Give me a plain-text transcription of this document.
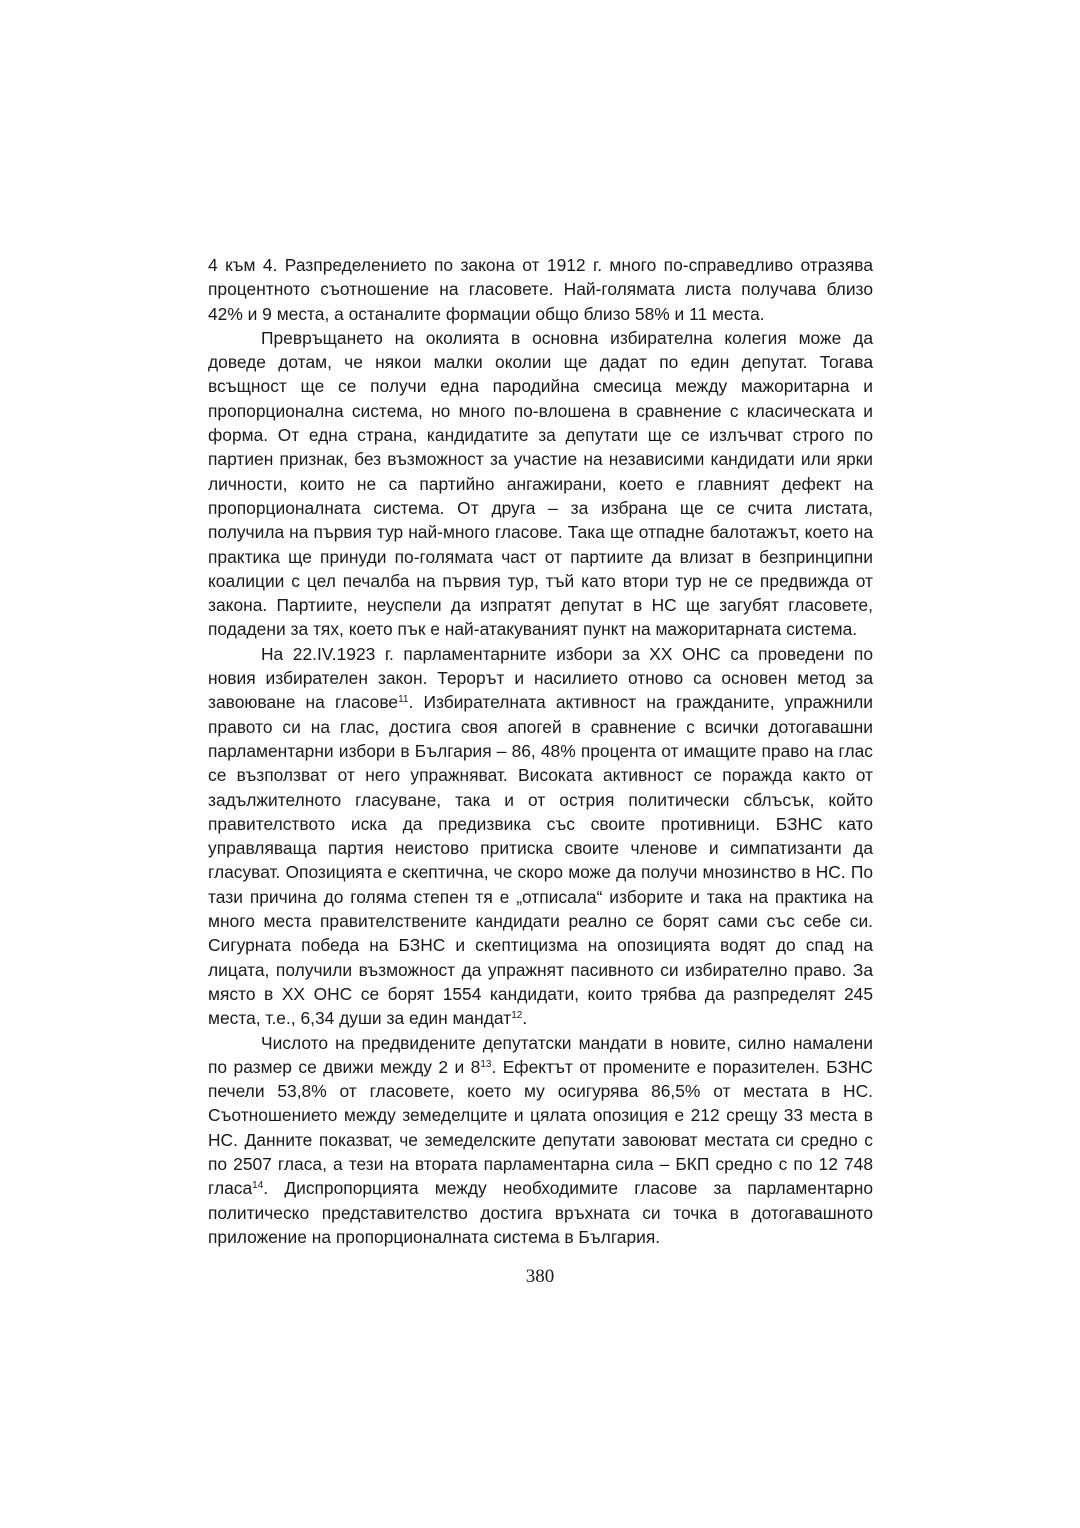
4 към 4. Разпределението по закона от 1912 г. много по-справедливо отразява процентното съотношение на гласовете. Най-голямата листа получава близо 42% и 9 места, а останалите формации общо близо 58% и 11 места.

Превръщането на околията в основна избирателна колегия може да доведе дотам, че някои малки околии ще дадат по един депутат. Тогава всъщност ще се получи една пародийна смесица между мажоритарна и пропорционална система, но много по-влошена в сравнение с класическата и форма. От една страна, кандидатите за депутати ще се излъчват строго по партиен признак, без възможност за участие на независими кандидати или ярки личности, които не са партийно ангажирани, което е главният дефект на пропорционалната система. От друга – за избрана ще се счита листата, получила на първия тур най-много гласове. Така ще отпадне балотажът, което на практика ще принуди по-голямата част от партиите да влизат в безпринципни коалиции с цел печалба на първия тур, тъй като втори тур не се предвижда от закона. Партиите, неуспели да изпратят депутат в НС ще загубят гласовете, подадени за тях, което пък е най-атакуваният пункт на мажоритарната система.

На 22.IV.1923 г. парламентарните избори за XX ОНС са проведени по новия избирателен закон. Терорът и насилието отново са основен метод за завоюване на гласове$^{11}$. Избирателната активност на гражданите, упражнили правото си на глас, достига своя апогей в сравнение с всички дотогавашни парламентарни избори в България – 86, 48% процента от имащите право на глас се възползват от него упражняват. Високата активност се поражда както от задължителното гласуване, така и от острия политически сблъсък, който правителството иска да предизвика със своите противници. БЗНС като управляваща партия неистово притиска своите членове и симпатизанти да гласуват. Опозицията е скептична, че скоро може да получи мнозинство в НС. По тази причина до голяма степен тя е „отписала“ изборите и така на практика на много места правителствените кандидати реално се борят сами със себе си. Сигурната победа на БЗНС и скептицизма на опозицията водят до спад на лицата, получили възможност да упражнят пасивното си избирателно право. За място в XX ОНС се борят 1554 кандидати, които трябва да разпределят 245 места, т.е., 6,34 души за един мандат$^{12}$.

Числото на предвидените депутатски мандати в новите, силно намалени по размер се движи между 2 и $8^{13}$. Ефектът от промените е поразителен. БЗНС печели 53,8% от гласовете, което му осигурява 86,5% от местата в НС. Съотношението между земеделците и цялата опозиция е 212 срещу 33 места в НС. Данните показват, че земеделските депутати завоюват местата си средно с по 2507 гласа, а тези на втората парламентарна сила – БКП средно с по 12 748 гласа$^{14}$. Диспропорцията между необходимите гласове за парламентарно политическо представителство достига връхната си точка в дотогавашното приложение на пропорционалната система в България.

380
